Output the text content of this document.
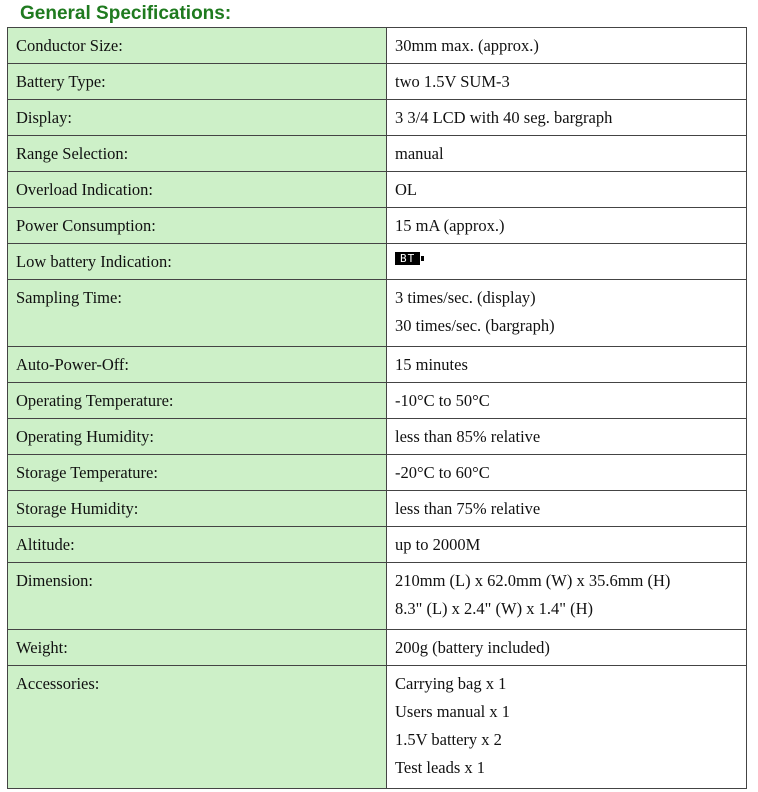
General Specifications:
Conductor Size:	30mm max. (approx.)
Battery Type:	two 1.5V SUM-3
Display:	3 3/4 LCD with 40 seg. bargraph
Range Selection:	manual
Overload Indication:	OL
Power Consumption:	15 mA (approx.)
Low battery Indication:	BT
Sampling Time:	3 times/sec. (display)
30 times/sec. (bargraph)

Auto-Power-Off:	15 minutes
Operating Temperature:	-10°C to 50°C
Operating Humidity:	less than 85% relative
Storage Temperature:	-20°C to 60°C
Storage Humidity:	less than 75% relative
Altitude:	up to 2000M
Dimension:	210mm (L) x 62.0mm (W) x 35.6mm (H)
8.3" (L) x 2.4" (W) x 1.4" (H)

Weight:	200g (battery included)
Accessories:	Carrying bag x 1
Users manual x 1
1.5V battery x 2
Test leads x 1
